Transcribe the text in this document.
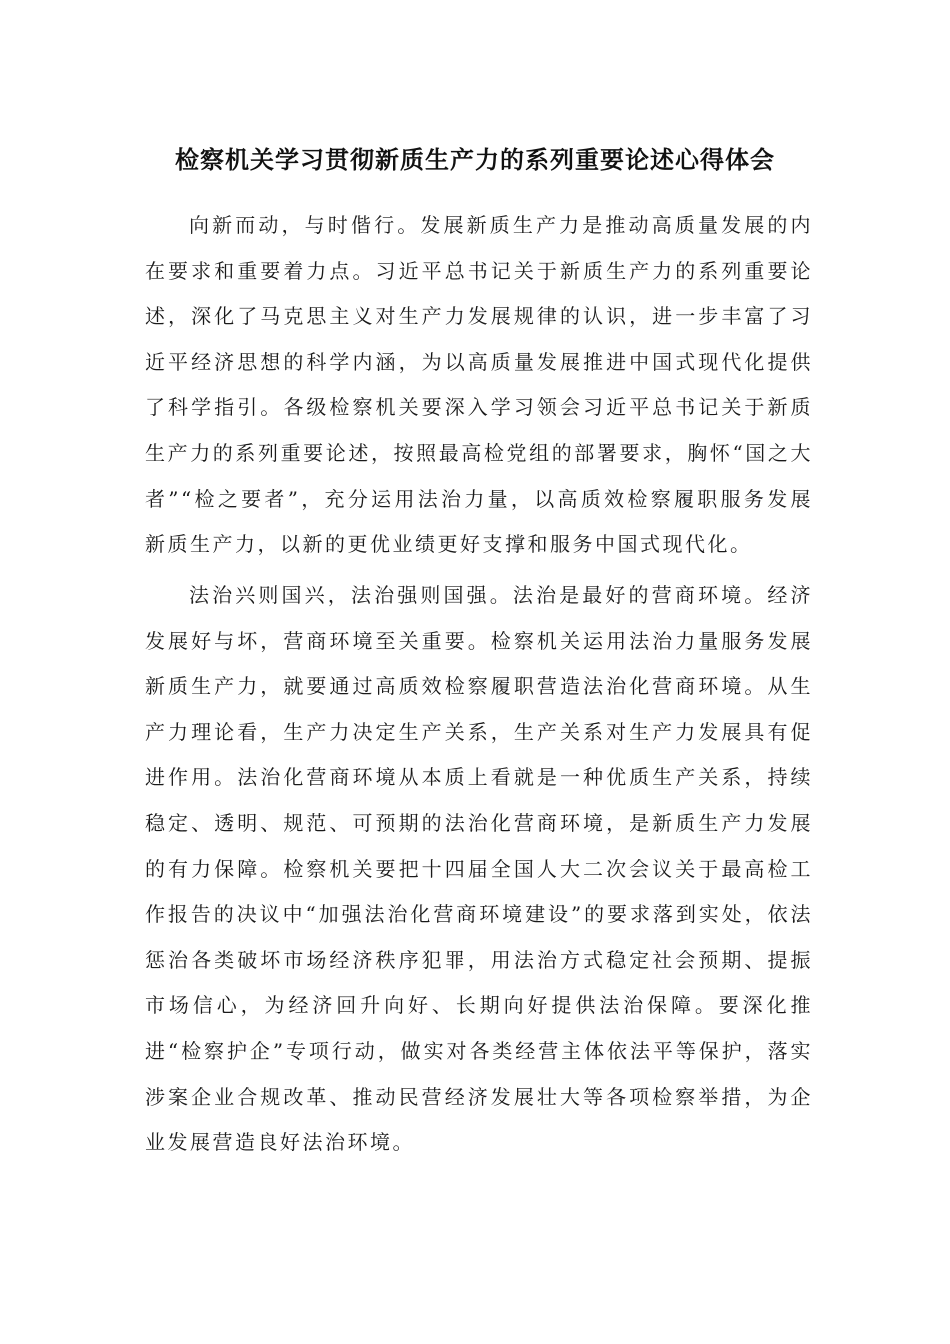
检察机关学习贯彻新质生产力的系列重要论述心得体会

向新而动，与时偕行。发展新质生产力是推动高质量发展的内在要求和重要着力点。习近平总书记关于新质生产力的系列重要论述，深化了马克思主义对生产力发展规律的认识，进一步丰富了习近平经济思想的科学内涵，为以高质量发展推进中国式现代化提供了科学指引。各级检察机关要深入学习领会习近平总书记关于新质生产力的系列重要论述，按照最高检党组的部署要求，胸怀“国之大者”“检之要者”，充分运用法治力量，以高质效检察履职服务发展新质生产力，以新的更优业绩更好支撑和服务中国式现代化。

法治兴则国兴，法治强则国强。法治是最好的营商环境。经济发展好与坏，营商环境至关重要。检察机关运用法治力量服务发展新质生产力，就要通过高质效检察履职营造法治化营商环境。从生产力理论看，生产力决定生产关系，生产关系对生产力发展具有促进作用。法治化营商环境从本质上看就是一种优质生产关系，持续稳定、透明、规范、可预期的法治化营商环境，是新质生产力发展的有力保障。检察机关要把十四届全国人大二次会议关于最高检工作报告的决议中“加强法治化营商环境建设”的要求落到实处，依法惩治各类破坏市场经济秩序犯罪，用法治方式稳定社会预期、提振市场信心，为经济回升向好、长期向好提供法治保障。要深化推进“检察护企”专项行动，做实对各类经营主体依法平等保护，落实涉案企业合规改革、推动民营经济发展壮大等各项检察举措，为企业发展营造良好法治环境。
